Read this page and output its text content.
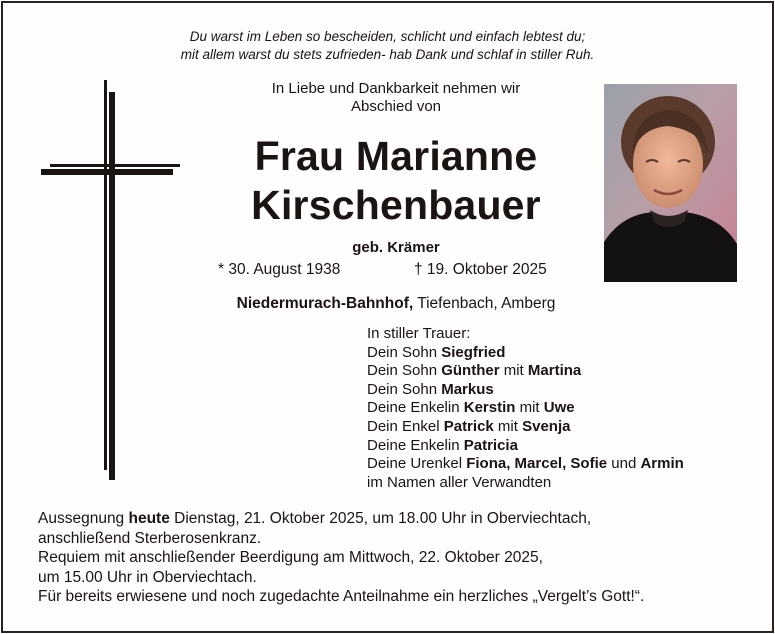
Du warst im Leben so bescheiden, schlicht und einfach lebtest du;
mit allem warst du stets zufrieden- hab Dank und schlaf in stiller Ruh.
In Liebe und Dankbarkeit nehmen wir
Abschied von
Frau Marianne
Kirschenbauer
geb. Krämer
* 30. August 1938	† 19. Oktober 2025
Niedermurach-Bahnhof, Tiefenbach, Amberg
In stiller Trauer:
Dein Sohn Siegfried
Dein Sohn Günther mit Martina
Dein Sohn Markus
Deine Enkelin Kerstin mit Uwe
Dein Enkel Patrick mit Svenja
Deine Enkelin Patricia
Deine Urenkel Fiona, Marcel, Sofie und Armin
im Namen aller Verwandten
Aussegnung heute Dienstag, 21. Oktober 2025, um 18.00 Uhr in Oberviechtach,
anschließend Sterberosenkranz.
Requiem mit anschließender Beerdigung am Mittwoch, 22. Oktober 2025,
um 15.00 Uhr in Oberviechtach.
Für bereits erwiesene und noch zugedachte Anteilnahme ein herzliches „Vergelt’s Gott!“.
